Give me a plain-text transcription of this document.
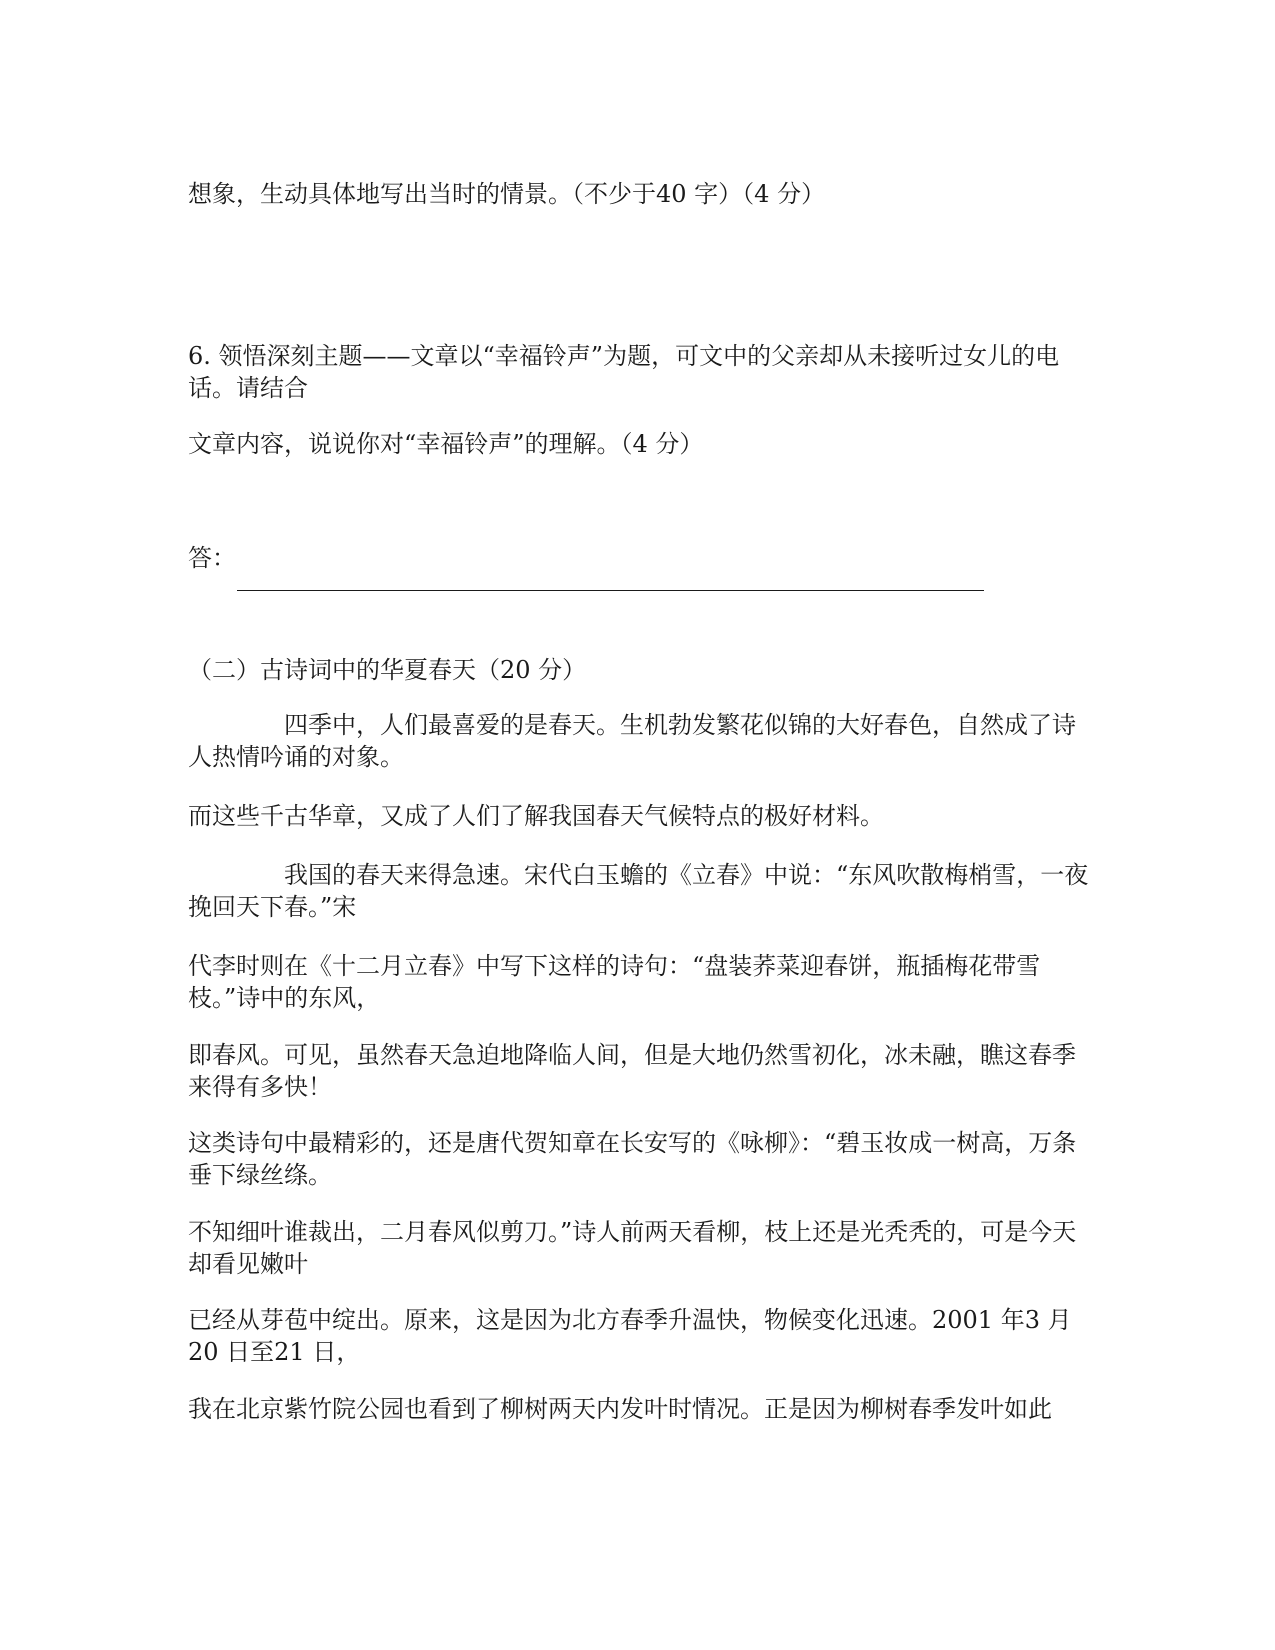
想象，生动具体地写出当时的情景。（不少于40 字）（4 分）
6. 领悟深刻主题——文章以“幸福铃声”为题，可文中的父亲却从未接听过女儿的电话。请结合
文章内容，说说你对“幸福铃声”的理解。（4 分）
答：
（二）古诗词中的华夏春天（20 分）
四季中，人们最喜爱的是春天。生机勃发繁花似锦的大好春色，自然成了诗人热情吟诵的对象。
而这些千古华章，又成了人们了解我国春天气候特点的极好材料。
我国的春天来得急速。宋代白玉蟾的《立春》中说：“东风吹散梅梢雪，一夜挽回天下春。”宋
代李时则在《十二月立春》中写下这样的诗句：“盘装荞菜迎春饼，瓶插梅花带雪枝。”诗中的东风，
即春风。可见，虽然春天急迫地降临人间，但是大地仍然雪初化，冰未融，瞧这春季来得有多快！
这类诗句中最精彩的，还是唐代贺知章在长安写的《咏柳》：“碧玉妆成一树高，万条垂下绿丝绦。
不知细叶谁裁出，二月春风似剪刀。”诗人前两天看柳，枝上还是光秃秃的，可是今天却看见嫩叶
已经从芽苞中绽出。原来，这是因为北方春季升温快，物候变化迅速。2001 年3 月20 日至21 日，
我在北京紫竹院公园也看到了柳树两天内发叶时情况。正是因为柳树春季发叶如此
